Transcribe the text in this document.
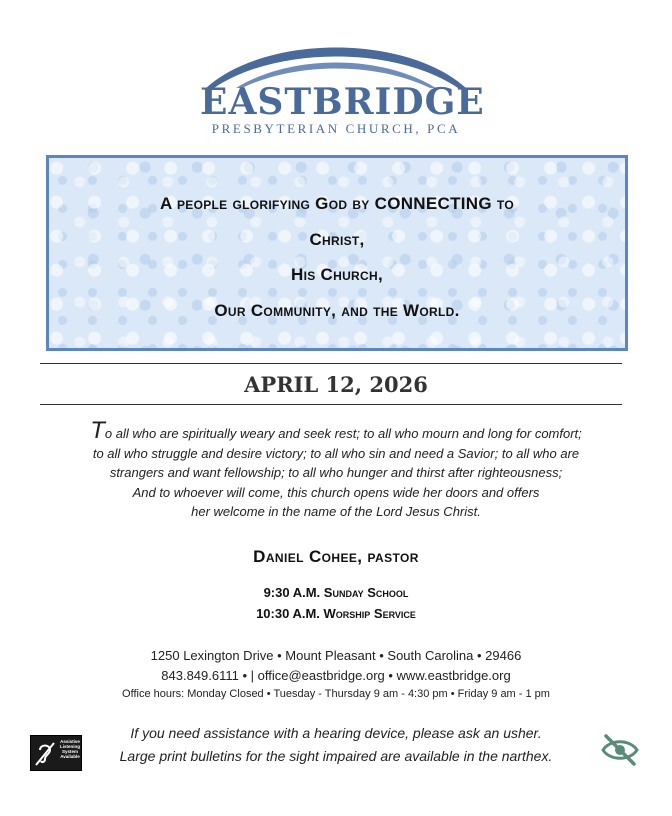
EASTBRIDGE
PRESBYTERIAN CHURCH, PCA
A people glorifying God by CONNECTING to
Christ,
His Church,
Our Community, and the World.
APRIL 12, 2026
To all who are spiritually weary and seek rest; to all who mourn and long for comfort;
to all who struggle and desire victory; to all who sin and need a Savior; to all who are
strangers and want fellowship; to all who hunger and thirst after righteousness;
And to whoever will come, this church opens wide her doors and offers
her welcome in the name of the Lord Jesus Christ.
Daniel Cohee, pastor
9:30 A.M. Sunday School
10:30 A.M. Worship Service
1250 Lexington Drive • Mount Pleasant • South Carolina • 29466
843.849.6111 • | office@eastbridge.org • www.eastbridge.org
Office hours: Monday Closed • Tuesday - Thursday 9 am - 4:30 pm • Friday 9 am - 1 pm
If you need assistance with a hearing device, please ask an usher.
Large print bulletins for the sight impaired are available in the narthex.
Assistive Listening System Available
